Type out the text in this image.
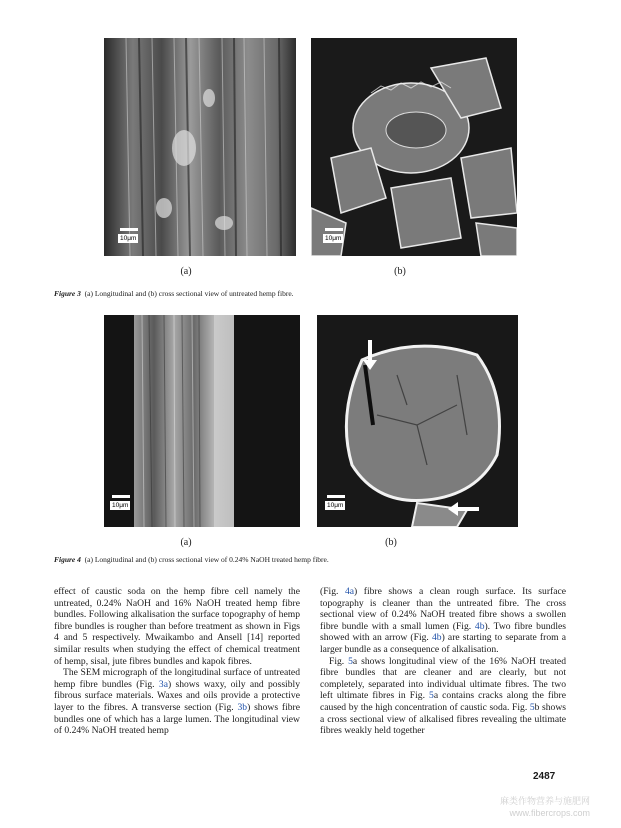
10μm
(a)
10μm
(b)
Figure 3 (a) Longitudinal and (b) cross sectional view of untreated hemp fibre.
10μm
(a)
10μm
(b)
Figure 4 (a) Longitudinal and (b) cross sectional view of 0.24% NaOH treated hemp fibre.

effect of caustic soda on the hemp fibre cell namely the untreated, 0.24% NaOH and 16% NaOH treated hemp fibre bundles. Following alkalisation the surface topography of hemp fibre bundles is rougher than before treatment as shown in Figs 4 and 5 respectively. Mwaikambo and Ansell [14] reported similar results when studying the effect of chemical treatment of hemp, sisal, jute fibres bundles and kapok fibres.

The SEM micrograph of the longitudinal surface of untreated hemp fibre bundles (Fig. 3a) shows waxy, oily and possibly fibrous surface materials. Waxes and oils provide a protective layer to the fibres. A transverse section (Fig. 3b) shows fibre bundles one of which has a large lumen. The longitudinal view of 0.24% NaOH treated hemp

(Fig. 4a) fibre shows a clean rough surface. Its surface topography is cleaner than the untreated fibre. The cross sectional view of 0.24% NaOH treated fibre shows a swollen fibre bundle with a small lumen (Fig. 4b). Two fibre bundles showed with an arrow (Fig. 4b) are starting to separate from a larger bundle as a consequence of alkalisation.

Fig. 5a shows longitudinal view of the 16% NaOH treated fibre bundles that are cleaner and are clearly, but not completely, separated into individual ultimate fibres. The two left ultimate fibres in Fig. 5a contains cracks along the fibre caused by the high concentration of caustic soda. Fig. 5b shows a cross sectional view of alkalised fibres revealing the ultimate fibres weakly held together

2487
麻类作物营养与施肥网
www.fibercrops.com
